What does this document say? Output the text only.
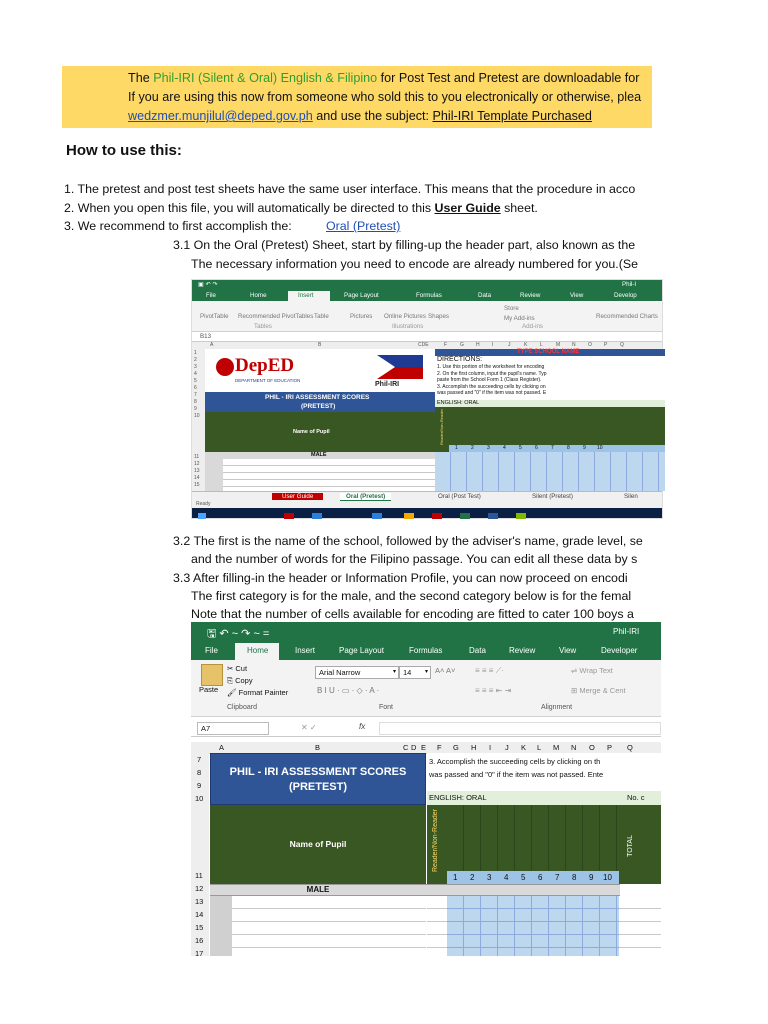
The Phil-IRI (Silent & Oral) English & Filipino for Post Test and Pretest are downloadable for
If you are using this now from someone who sold this to you electronically or otherwise, plea
wedzmer.munjilul@deped.gov.ph and use the subject: Phil-IRI Template Purchased
How to use this:
1. The pretest and post test sheets have the same user interface. This means that the procedure in acco
2. When you open this file, you will automatically be directed to this User Guide sheet.
3. We recommend to first accomplish the:	Oral (Pretest)
3.1 On the Oral (Pretest) Sheet, start by filling-up the header part, also known as the
The necessary information you need to encode are already numbered for you.(Se
▣ ↶ ↷	Phil-I
File	Home	Insert	Page Layout	Formulas	Data	Review	View	Develop
PivotTable Recommended PivotTables Table	Pictures Online Pictures Shapes
Store
My Add-ins	Recommended Charts
Tables	Illustrations	Add-ins
B13
A	B	CDE	F	G H I	J	K	L	M N O P	Q
1
2
3
4
5
6
7
8
9
10
11
12
13
14
15
DepED
DEPARTMENT OF EDUCATION
Phil-IRI
PHIL - IRI ASSESSMENT SCORES
(PRETEST)
Name of Pupil
MALE
TYPE SCHOOL NAME
DIRECTIONS:
1. Use this portion of the worksheet for encoding
2. On the first column, input the pupil's name. Typ
paste from the School Form 1 (Class Register).
3. Accomplish the succeeding cells by clicking on
was passed and "0" if the item was not passed. E
ENGLISH: ORAL
Reader/Non-Reader
1	2	3	4	5	6	7	8	9 10
User Guide	Oral (Pretest)	Oral (Post Test)	Silent (Pretest)	Silen
Ready
3.2 The first is the name of the school, followed by the adviser's name, grade level, se
and the number of words for the Filipino passage. You can edit all these data by s
3.3 After filling-in the header or Information Profile, you can now proceed on encodi
The first category is for the male, and the second category below is for the femal
Note that the number of cells available for encoding are fitted to cater 100 boys a
🖫 ↶ ~ ↷ ~ =	Phil-IRI
File	Home	Insert	Page Layout	Formulas	Data	Review	View	Developer
Paste
✂ Cut
⎘ Copy
🖌 Format Painter
Clipboard
Arial Narrow	▾ 14 ▾ A˄ A˅
B I U · ▭ · ◇ · A ·
Font
≡ ≡ ≡ ⟋·
≡ ≡ ≡ ⇤ ⇥
⇌ Wrap Text
⊞ Merge & Cent
Alignment
A7	✕ ✓	fx
A	B	C D E F G H I J K L M N O P Q
7
8
9
10
11
12
13
14
15
16
17
PHIL - IRI ASSESSMENT SCORES
(PRETEST)
3. Accomplish the succeeding cells by clicking on th
was passed and "0" if the item was not passed. Ente
ENGLISH: ORAL	No. c
Name of Pupil	Reader/Non-Reader
1 2 3 4 5 6 7 8 9 10
TOTAL
MALE
